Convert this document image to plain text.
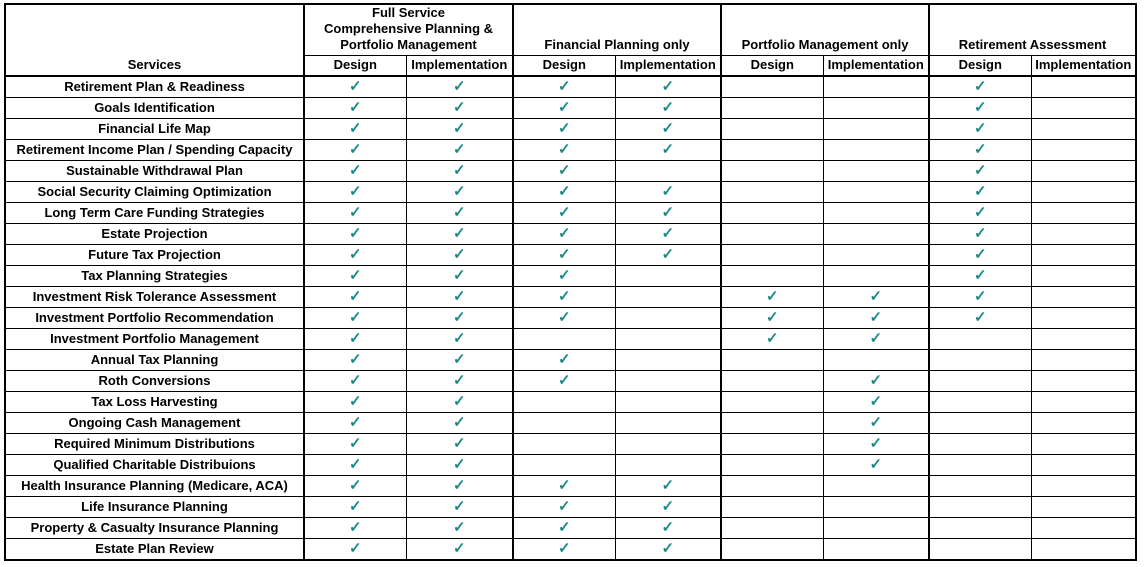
Services	Full Service
Comprehensive Planning &
Portfolio Management		Financial Planning only		Portfolio Management only		Retirement Assessment	

	Design	Implementation	Design	Implementation	Design	Implementation	Design	Implementation
Retirement Plan & Readiness	✓	✓	✓	✓			✓	
Goals Identification	✓	✓	✓	✓			✓	
Financial Life Map	✓	✓	✓	✓			✓	
Retirement Income Plan / Spending Capacity	✓	✓	✓	✓			✓	
Sustainable Withdrawal Plan	✓	✓	✓				✓	
Social Security Claiming Optimization	✓	✓	✓	✓			✓	
Long Term Care Funding Strategies	✓	✓	✓	✓			✓	
Estate Projection	✓	✓	✓	✓			✓	
Future Tax Projection	✓	✓	✓	✓			✓	
Tax Planning Strategies	✓	✓	✓				✓	
Investment Risk Tolerance Assessment	✓	✓	✓		✓	✓	✓	
Investment Portfolio Recommendation	✓	✓	✓		✓	✓	✓	
Investment Portfolio Management	✓	✓			✓	✓		
Annual Tax Planning	✓	✓	✓					
Roth Conversions	✓	✓	✓			✓		
Tax Loss Harvesting	✓	✓				✓		
Ongoing Cash Management	✓	✓				✓		
Required Minimum Distributions	✓	✓				✓		
Qualified Charitable Distribuions	✓	✓				✓		
Health Insurance Planning (Medicare, ACA)	✓	✓	✓	✓				
Life Insurance Planning	✓	✓	✓	✓				
Property & Casualty Insurance Planning	✓	✓	✓	✓				
Estate Plan Review	✓	✓	✓	✓				
